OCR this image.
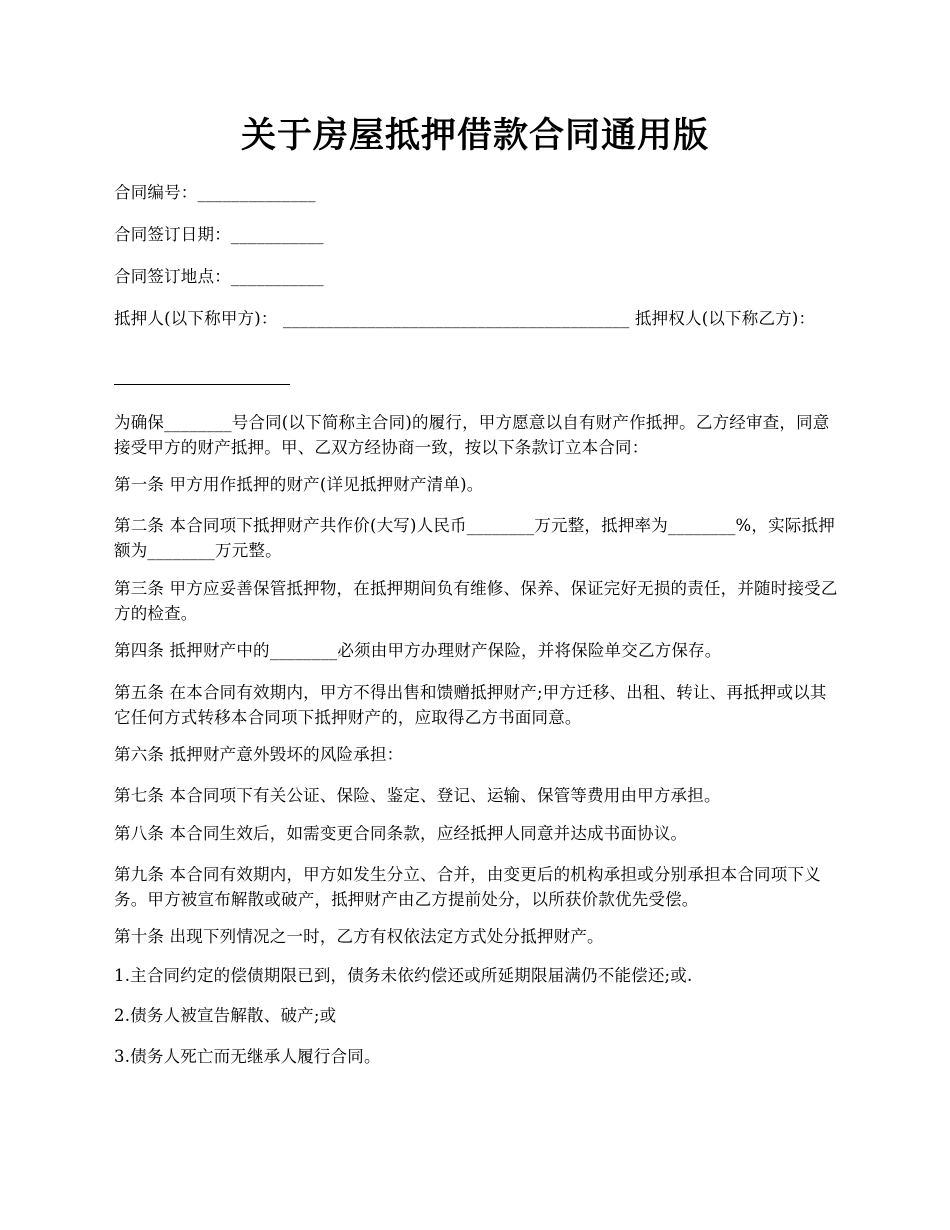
关于房屋抵押借款合同通用版
合同编号：______________
合同签订日期：___________
合同签订地点：___________
抵押人(以下称甲方)： _________________________________________ 抵押权人(以下称乙方)：
为确保________号合同(以下简称主合同)的履行，甲方愿意以自有财产作抵押。乙方经审查，同意接受甲方的财产抵押。甲、乙双方经协商一致，按以下条款订立本合同：
第一条 甲方用作抵押的财产(详见抵押财产清单)。
第二条 本合同项下抵押财产共作价(大写)人民币________万元整，抵押率为________%，实际抵押额为________万元整。
第三条 甲方应妥善保管抵押物，在抵押期间负有维修、保养、保证完好无损的责任，并随时接受乙方的检查。
第四条 抵押财产中的________必须由甲方办理财产保险，并将保险单交乙方保存。
第五条 在本合同有效期内，甲方不得出售和馈赠抵押财产;甲方迁移、出租、转让、再抵押或以其它任何方式转移本合同项下抵押财产的，应取得乙方书面同意。
第六条 抵押财产意外毁坏的风险承担：
第七条 本合同项下有关公证、保险、鉴定、登记、运输、保管等费用由甲方承担。
第八条 本合同生效后，如需变更合同条款，应经抵押人同意并达成书面协议。
第九条 本合同有效期内，甲方如发生分立、合并，由变更后的机构承担或分别承担本合同项下义务。甲方被宣布解散或破产，抵押财产由乙方提前处分，以所获价款优先受偿。
第十条 出现下列情况之一时，乙方有权依法定方式处分抵押财产。
1.主合同约定的偿债期限已到，债务未依约偿还或所延期限届满仍不能偿还;或.
2.债务人被宣告解散、破产;或
3.债务人死亡而无继承人履行合同。
